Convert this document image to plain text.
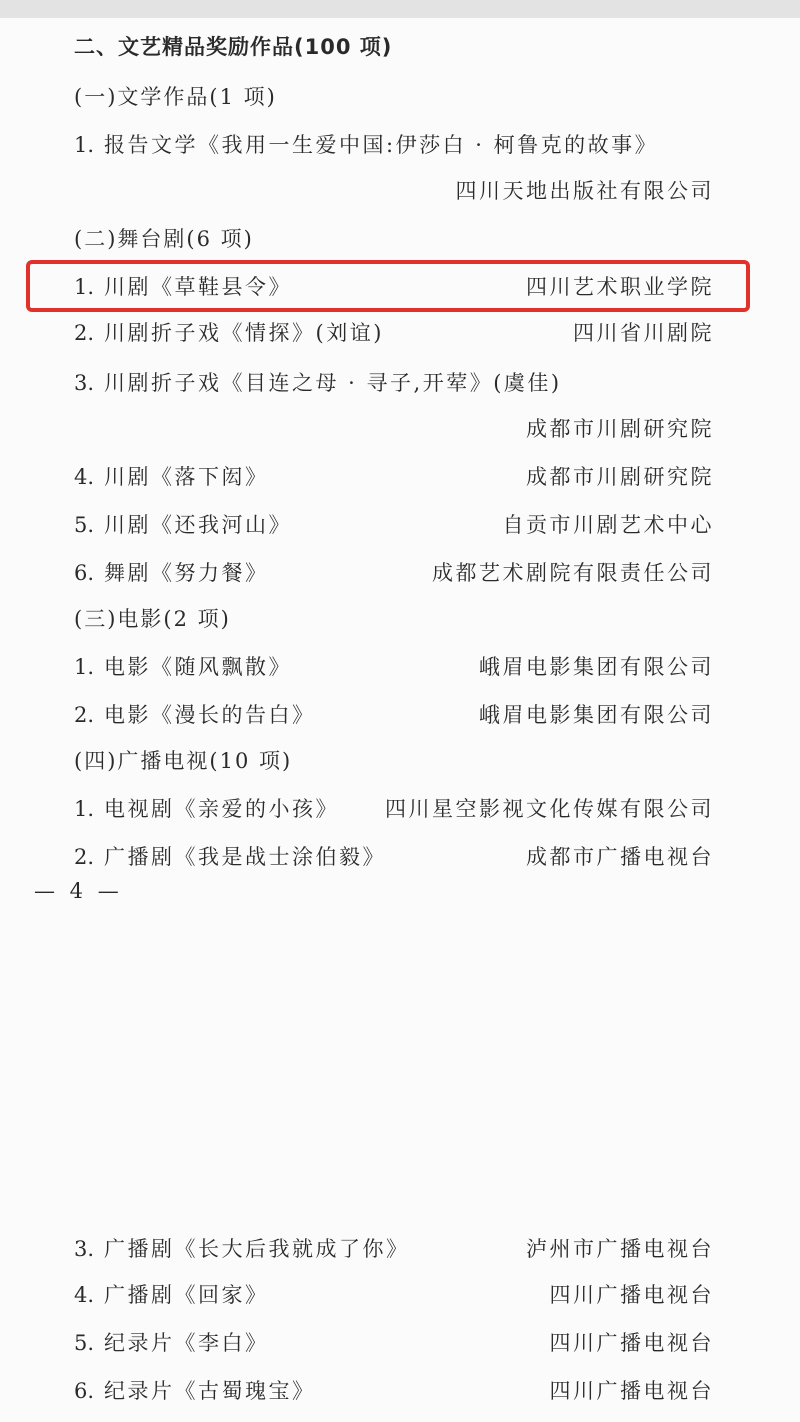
二、文艺精品奖励作品(100 项)
(一)文学作品(1 项)
1. 报告文学《我用一生爱中国:伊莎白 · 柯鲁克的故事》
四川天地出版社有限公司
(二)舞台剧(6 项)
1. 川剧《草鞋县令》	四川艺术职业学院
2. 川剧折子戏《情探》(刘谊)	四川省川剧院
3. 川剧折子戏《目连之母 · 寻子,开荤》(虞佳)
成都市川剧研究院
4. 川剧《落下闳》	成都市川剧研究院
5. 川剧《还我河山》	自贡市川剧艺术中心
6. 舞剧《努力餐》	成都艺术剧院有限责任公司
(三)电影(2 项)
1. 电影《随风飘散》	峨眉电影集团有限公司
2. 电影《漫长的告白》	峨眉电影集团有限公司
(四)广播电视(10 项)
1. 电视剧《亲爱的小孩》 四川星空影视文化传媒有限公司
2. 广播剧《我是战士涂伯毅》	成都市广播电视台
— 4 —
3. 广播剧《长大后我就成了你》	泸州市广播电视台
4. 广播剧《回家》	四川广播电视台
5. 纪录片《李白》	四川广播电视台
6. 纪录片《古蜀瑰宝》	四川广播电视台
